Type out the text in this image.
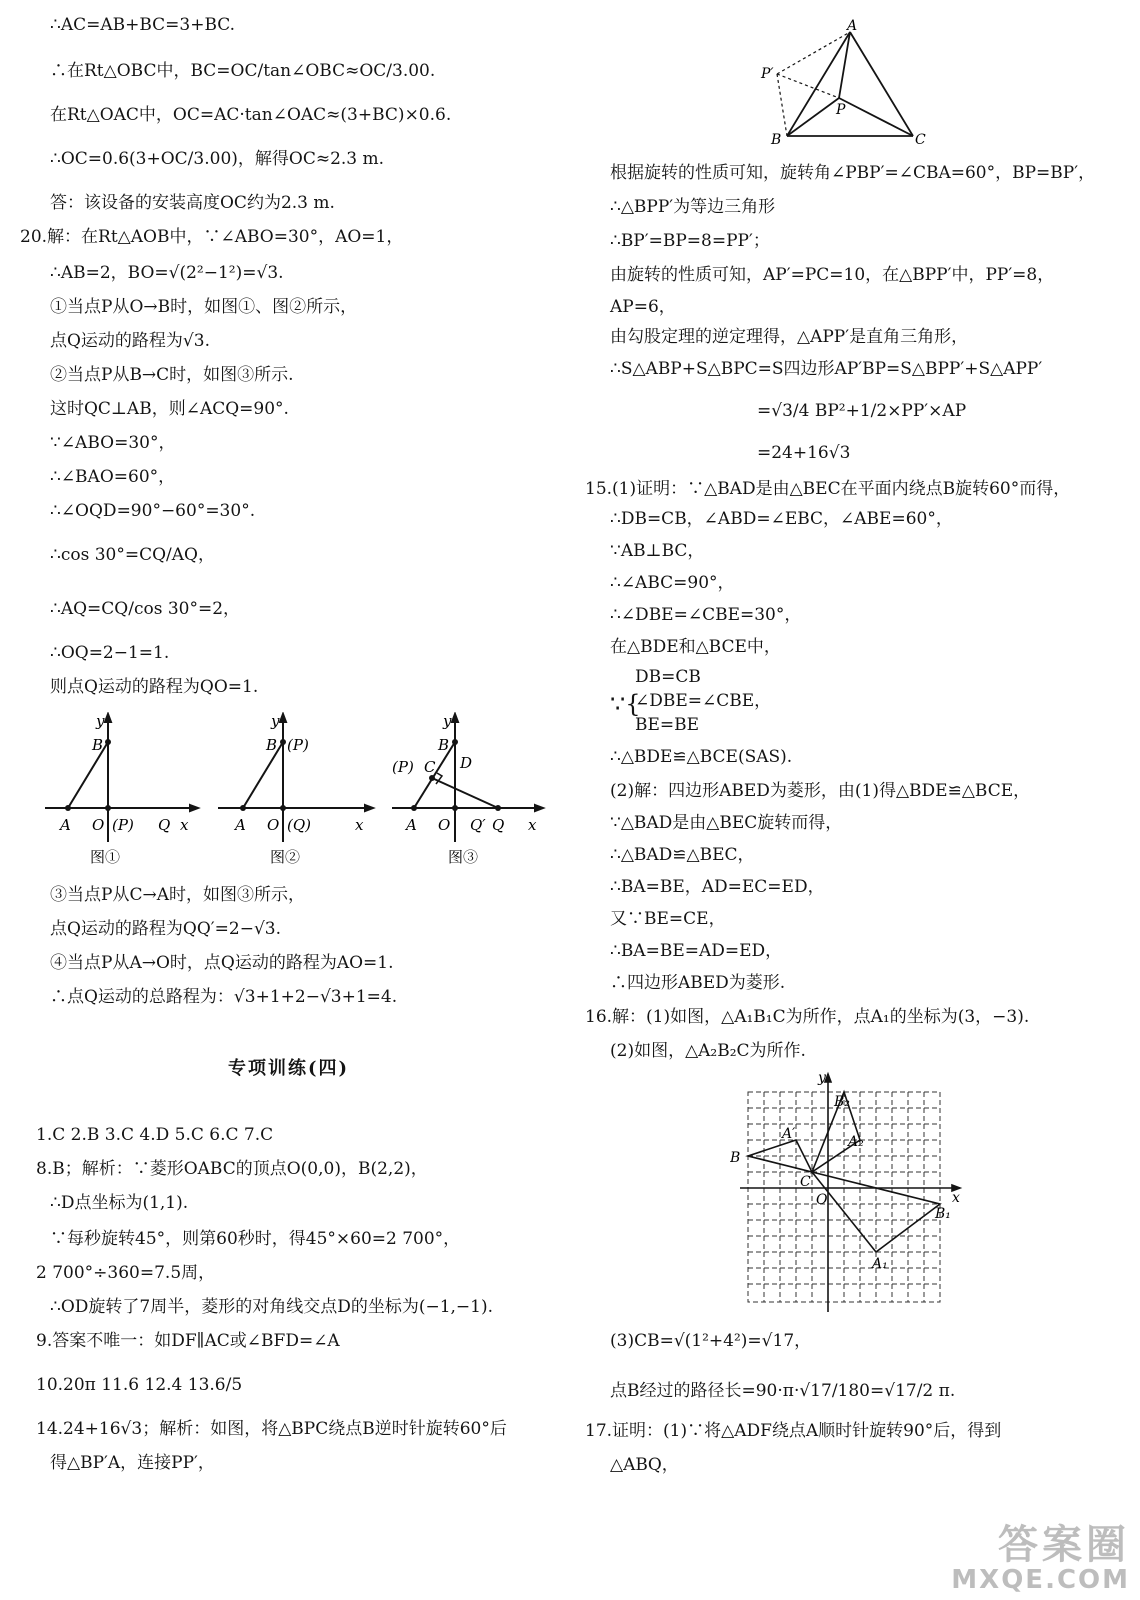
∴AC=AB+BC=3+BC.
∴在Rt△OBC中，BC=OC/tan∠OBC≈OC/3.00.
在Rt△OAC中，OC=AC·tan∠OAC≈(3+BC)×0.6.
∴OC=0.6(3+OC/3.00)，解得OC≈2.3 m.
答：该设备的安装高度OC约为2.3 m.
20.解：在Rt△AOB中，∵∠ABO=30°，AO=1，
∴AB=2，BO=√(2²−1²)=√3.
①当点P从O→B时，如图①、图②所示，
点Q运动的路程为√3.
②当点P从B→C时，如图③所示.
这时QC⊥AB，则∠ACQ=90°.
∵∠ABO=30°，
∴∠BAO=60°，
∴∠OQD=90°−60°=30°.
∴cos 30°=CQ/AQ，
∴AQ=CQ/cos 30°=2，
∴OQ=2−1=1.
则点Q运动的路程为QO=1.
y
B
A O (P) Q x
y
B (P)
A O (Q)	x
y
B
(P) C D
A O Q′ Q x
图①	图②	图③
③当点P从C→A时，如图③所示，
点Q运动的路程为QQ′=2−√3.
④当点P从A→O时，点Q运动的路程为AO=1.
∴点Q运动的总路程为：√3+1+2−√3+1=4.
专项训练(四)
1.C 2.B 3.C 4.D 5.C 6.C 7.C
8.B；解析：∵菱形OABC的顶点O(0,0)，B(2,2)，
∴D点坐标为(1,1).
∵每秒旋转45°，则第60秒时，得45°×60=2 700°，
2 700°÷360=7.5周，
∴OD旋转了7周半，菱形的对角线交点D的坐标为(−1,−1).
9.答案不唯一：如DF∥AC或∠BFD=∠A
10.20π 11.6 12.4 13.6/5
14.24+16√3；解析：如图，将△BPC绕点B逆时针旋转60°后
得△BP′A，连接PP′，
A
B	C
P
P′
根据旋转的性质可知，旋转角∠PBP′=∠CBA=60°，BP=BP′，
∴△BPP′为等边三角形
∴BP′=BP=8=PP′；
由旋转的性质可知，AP′=PC=10，在△BPP′中，PP′=8，
AP=6，
由勾股定理的逆定理得，△APP′是直角三角形，
∴S△ABP+S△BPC=S四边形AP′BP=S△BPP′+S△APP′
=√3/4 BP²+1/2×PP′×AP
=24+16√3
15.(1)证明：∵△BAD是由△BEC在平面内绕点B旋转60°而得，
∴DB=CB，∠ABD=∠EBC，∠ABE=60°，
∵AB⊥BC，
∴∠ABC=90°，
∴∠DBE=∠CBE=30°，
在△BDE和△BCE中，
∵{
DB=CB
∠DBE=∠CBE，
BE=BE
∴△BDE≌△BCE(SAS).
(2)解：四边形ABED为菱形，由(1)得△BDE≌△BCE，
∵△BAD是由△BEC旋转而得，
∴△BAD≌△BEC，
∴BA=BE，AD=EC=ED，
又∵BE=CE，
∴BA=BE=AD=ED，
∴四边形ABED为菱形.
16.解：(1)如图，△A₁B₁C为所作，点A₁的坐标为(3，−3).
(2)如图，△A₂B₂C为所作.
y
x
B
A′	A₂
B₂
C
O
B₁
A₁
(3)CB=√(1²+4²)=√17，
点B经过的路径长=90·π·√17/180=√17/2 π.
17.证明：(1)∵将△ADF绕点A顺时针旋转90°后，得到
△ABQ，
答案圈
MXQE.COM
